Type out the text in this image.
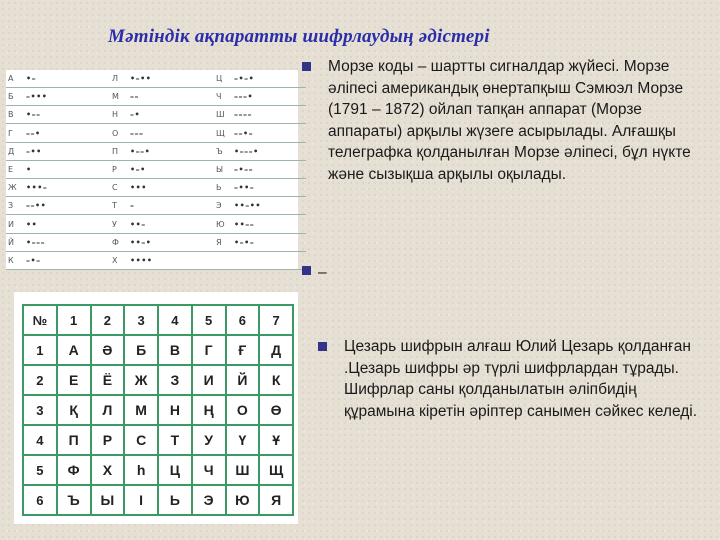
Мәтіндік ақпаратты шифрлаудың әдістері
А	•–		Л	•–••		Ц	–•–•
Б	–•••		М	––		Ч	–––•
В	•––		Н	–•		Ш	––––
Г	––•		О	–––		Щ	––•–
Д	–••		П	•––•		Ъ	•–––•
Е	•		Р	•–•		Ы	–•––
Ж	•••–		С	•••		Ь	–••–
З	––••		Т	–		Э	••–••
И	••		У	••–		Ю	••––
Й	•–––		Ф	••–•		Я	•–•–
К	–•–		Х	••••			
Морзе коды – шартты сигналдар жүйесі. Морзе әліпесі американдық өнертапқыш Сэмюэл Морзе (1791 – 1872) ойлап тапқан аппарат (Морзе аппараты) арқылы жүзеге асырылады. Алғашқы телеграфка қолданылған Морзе әліпесі, бұл нүкте және сызықша арқылы оқылады.
–
№	1	2	3	4	5	6	7
1	А	Ә	Б	В	Г	Ғ	Д
2	Е	Ё	Ж	З	И	Й	К
3	Қ	Л	М	Н	Ң	О	Ө
4	П	Р	С	Т	У	Ү	Ұ
5	Ф	Х	h	Ц	Ч	Ш	Щ
6	Ъ	Ы	І	Ь	Э	Ю	Я
Цезарь шифрын алғаш Юлий Цезарь қолданған .Цезарь шифры әр түрлі шифрлардан тұрады. Шифрлар саны қолданылатын әліпбидің құрамына кіретін әріптер санымен сәйкес келеді.
